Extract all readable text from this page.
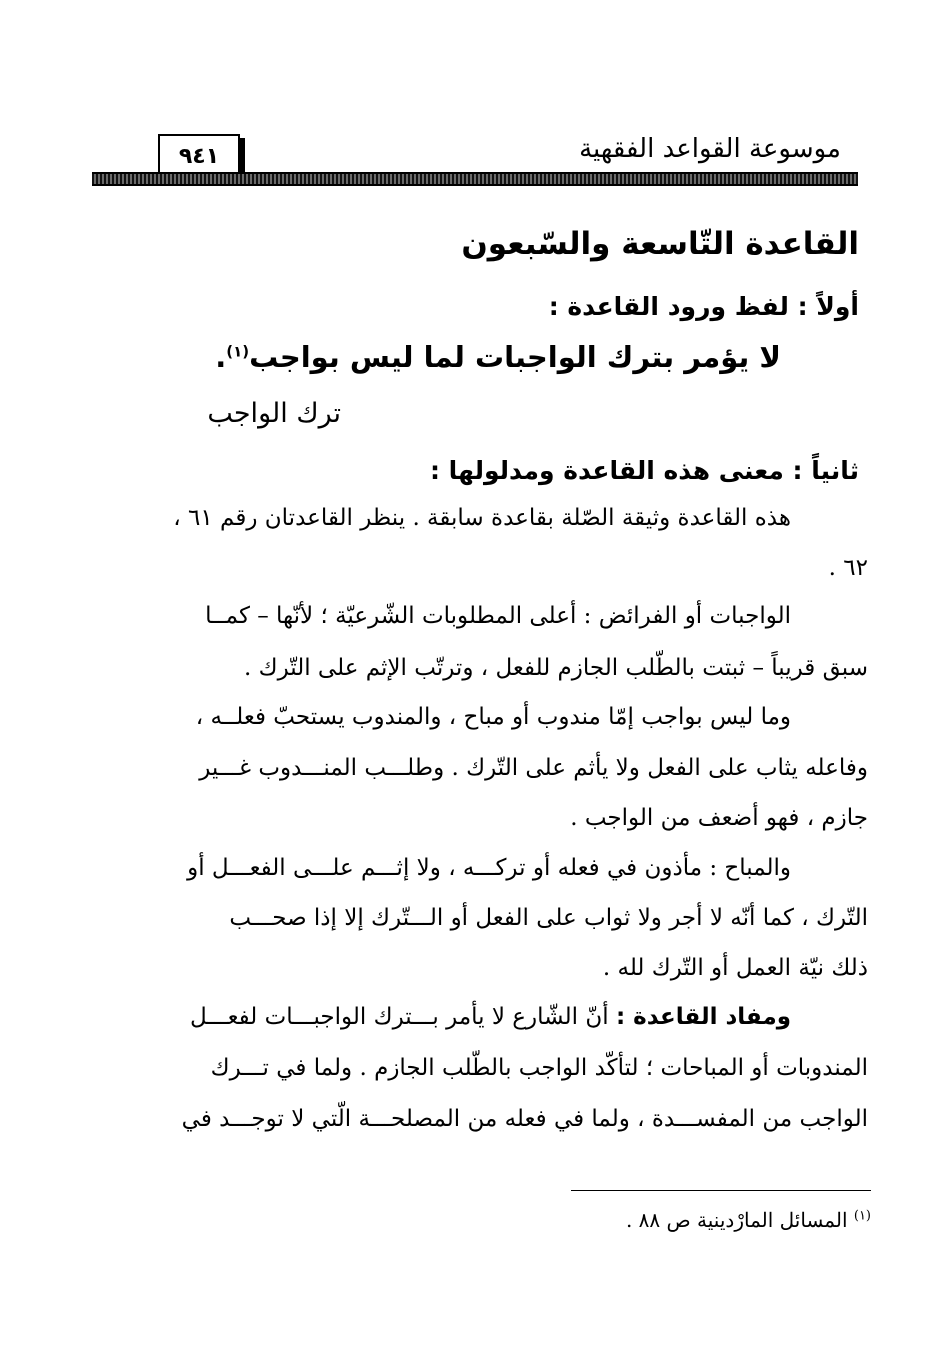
موسوعة القواعد الفقهية
٩٤١
القاعدة التّاسعة والسّبعون
أولاً : لفظ ورود القاعدة :
لا يؤمر بترك الواجبات لما ليس بواجب$^{(١)}$.
ترك الواجب
ثانياً : معنى هذه القاعدة ومدلولها :
هذه القاعدة وثيقة الصّلة بقاعدة سابقة . ينظر القاعدتان رقم ٦١ ،
٦٢ .
الواجبات أو الفرائض : أعلى المطلوبات الشّرعيّة ؛ لأنّها – كمــا
سبق قريباً – ثبتت بالطّلب الجازم للفعل ، وترتّب الإثم على التّرك .
وما ليس بواجب إمّا مندوب أو مباح ، والمندوب يستحبّ فعلــه ،
وفاعله يثاب على الفعل ولا يأثم على التّرك . وطلـــب المنـــدوب غـــير
جازم ، فهو أضعف من الواجب .
والمباح : مأذون في فعله أو تركـــه ، ولا إثـــم علـــى الفعـــل أو
التّرك ، كما أنّه لا أجر ولا ثواب على الفعل أو الـــتّرك إلا إذا صحـــب
ذلك نيّة العمل أو التّرك لله .
ومفاد القاعدة : أنّ الشّارع لا يأمر بـــترك الواجبـــات لفعـــل
المندوبات أو المباحات ؛ لتأكّد الواجب بالطّلب الجازم . ولما في تـــرك
الواجب من المفســـدة ، ولما في فعله من المصلحـــة الّتي لا توجـــد في
$^{(١)}$ المسائل المارْدينية ص ٨٨ .
